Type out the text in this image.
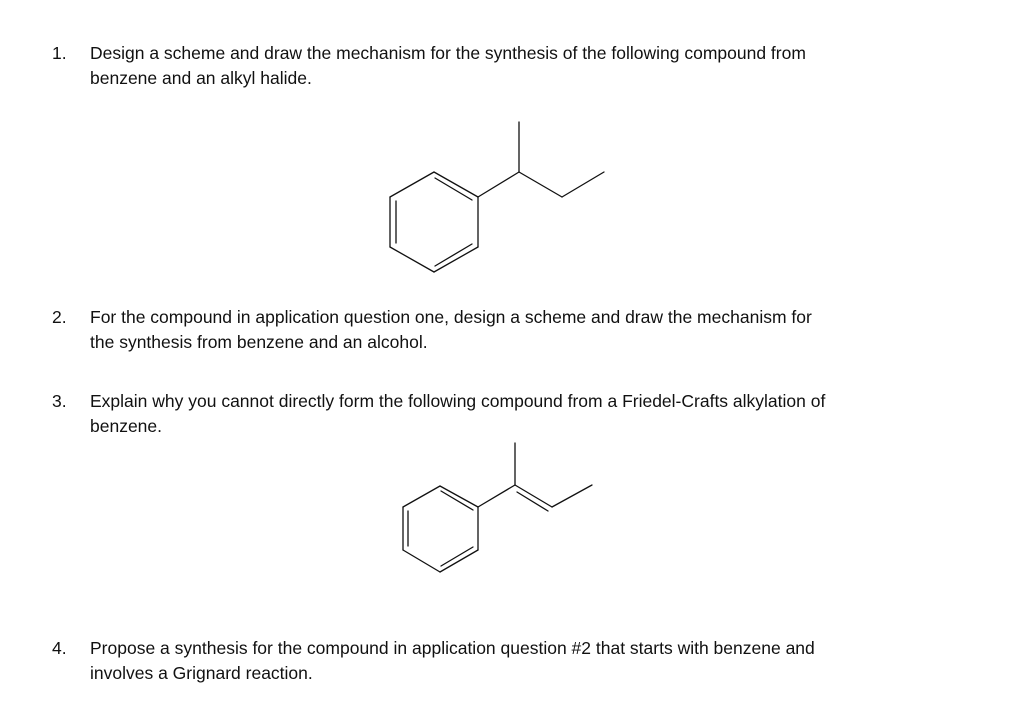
1.	Design a scheme and draw the mechanism for the synthesis of the following compound from
benzene and an alkyl halide.
2.	For the compound in application question one, design a scheme and draw the mechanism for
the synthesis from benzene and an alcohol.
3.	Explain why you cannot directly form the following compound from a Friedel-Crafts alkylation of
benzene.
4.	Propose a synthesis for the compound in application question #2 that starts with benzene and
involves a Grignard reaction.
